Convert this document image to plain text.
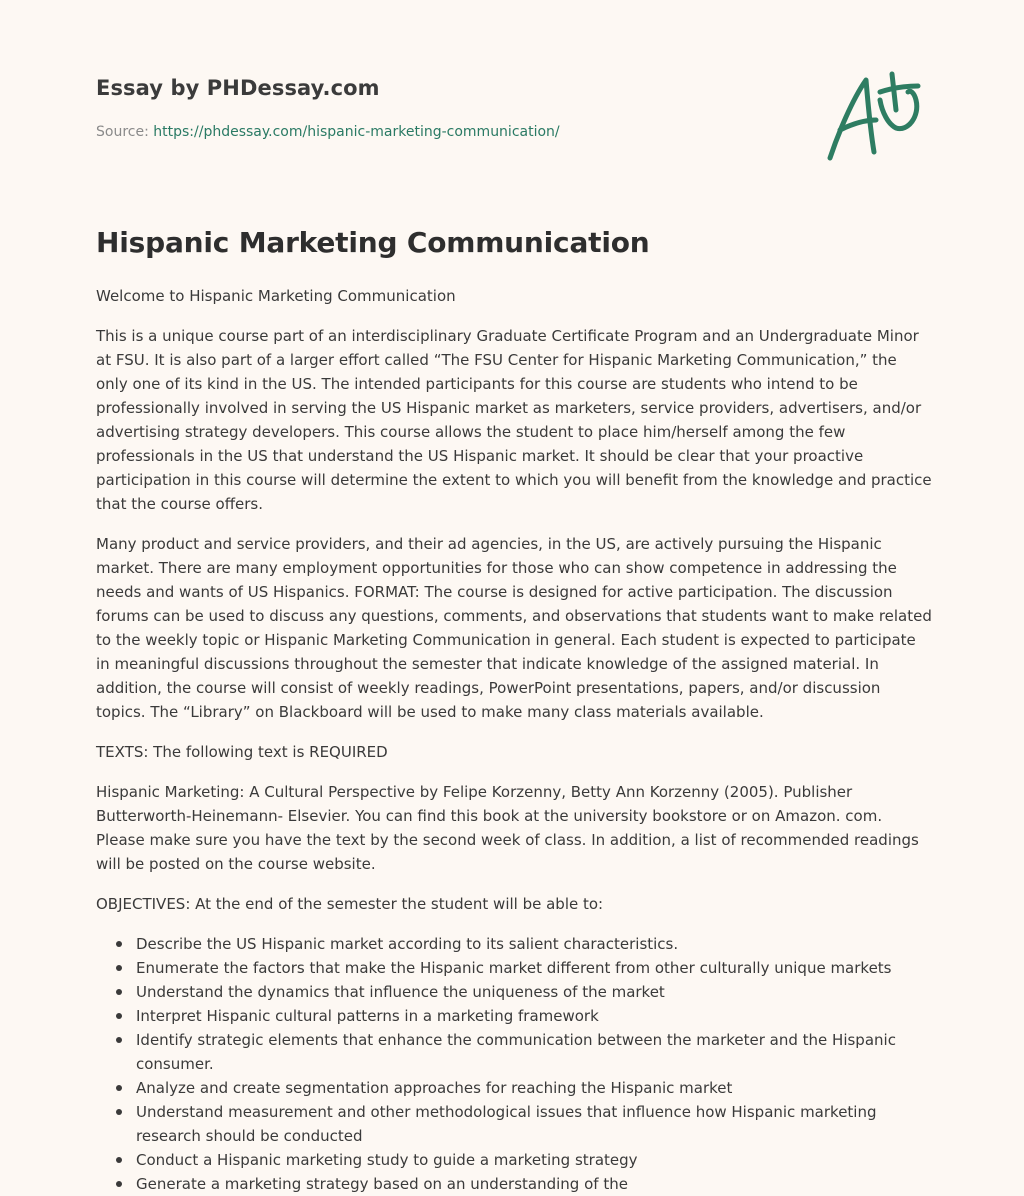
Essay by PHDessay.com
Source: https://phdessay.com/hispanic-marketing-communication/
Hispanic Marketing Communication

Welcome to Hispanic Marketing Communication

This is a unique course part of an interdisciplinary Graduate Certificate Program and an Undergraduate Minor at FSU. It is also part of a larger effort called “The FSU Center for Hispanic Marketing Communication,” the only one of its kind in the US. The intended participants for this course are students who intend to be professionally involved in serving the US Hispanic market as marketers, service providers, advertisers, and/or advertising strategy developers. This course allows the student to place him/herself among the few professionals in the US that understand the US Hispanic market. It should be clear that your proactive participation in this course will determine the extent to which you will benefit from the knowledge and practice that the course offers.

Many product and service providers, and their ad agencies, in the US, are actively pursuing the Hispanic market. There are many employment opportunities for those who can show competence in addressing the needs and wants of US Hispanics. FORMAT: The course is designed for active participation. The discussion forums can be used to discuss any questions, comments, and observations that students want to make related to the weekly topic or Hispanic Marketing Communication in general. Each student is expected to participate in meaningful discussions throughout the semester that indicate knowledge of the assigned material. In addition, the course will consist of weekly readings, PowerPoint presentations, papers, and/or discussion topics. The “Library” on Blackboard will be used to make many class materials available.

TEXTS: The following text is REQUIRED

Hispanic Marketing: A Cultural Perspective by Felipe Korzenny, Betty Ann Korzenny (2005). Publisher Butterworth-Heinemann- Elsevier. You can find this book at the university bookstore or on Amazon. com. Please make sure you have the text by the second week of class. In addition, a list of recommended readings will be posted on the course website.

OBJECTIVES: At the end of the semester the student will be able to:

Describe the US Hispanic market according to its salient characteristics.
Enumerate the factors that make the Hispanic market different from other culturally unique markets
Understand the dynamics that influence the uniqueness of the market
Interpret Hispanic cultural patterns in a marketing framework
Identify strategic elements that enhance the communication between the marketer and the Hispanic consumer.
Analyze and create segmentation approaches for reaching the Hispanic market
Understand measurement and other methodological issues that influence how Hispanic marketing research should be conducted
Conduct a Hispanic marketing study to guide a marketing strategy
Generate a marketing strategy based on an understanding of the
